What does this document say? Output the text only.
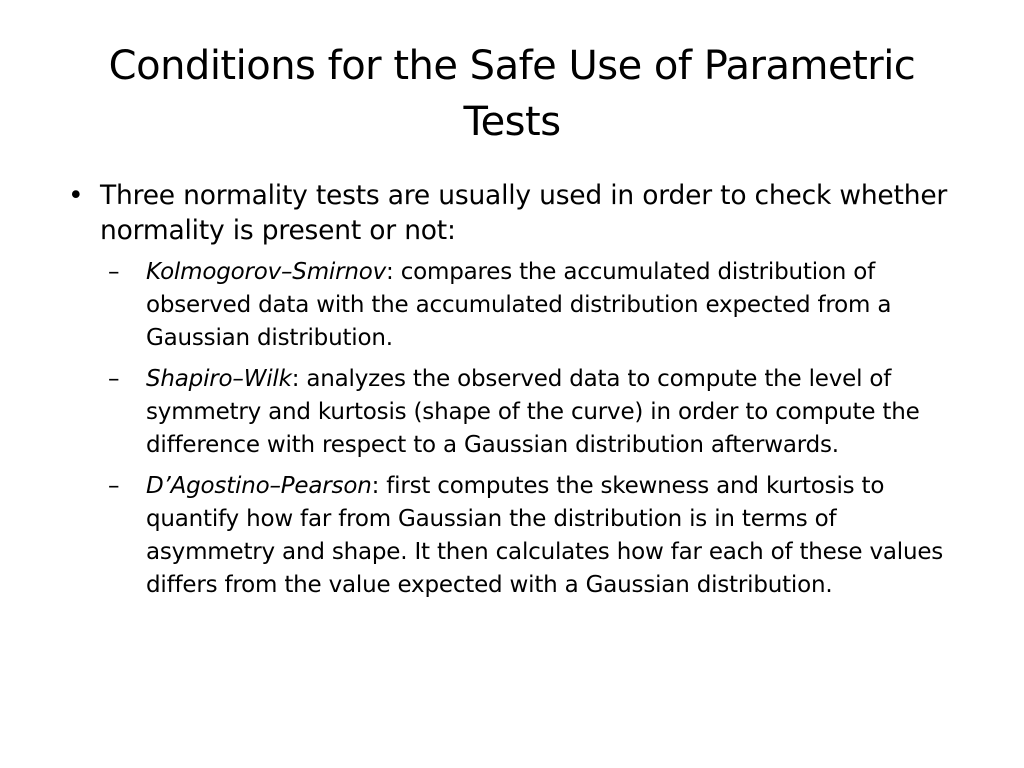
Conditions for the Safe Use of Parametric Tests
• Three normality tests are usually used in order to check whether normality is present or not:
– Kolmogorov–Smirnov: compares the accumulated distribution of observed data with the accumulated distribution expected from a Gaussian distribution.
– Shapiro–Wilk: analyzes the observed data to compute the level of symmetry and kurtosis (shape of the curve) in order to compute the difference with respect to a Gaussian distribution afterwards.
– D’Agostino–Pearson: first computes the skewness and kurtosis to quantify how far from Gaussian the distribution is in terms of asymmetry and shape. It then calculates how far each of these values differs from the value expected with a Gaussian distribution.
